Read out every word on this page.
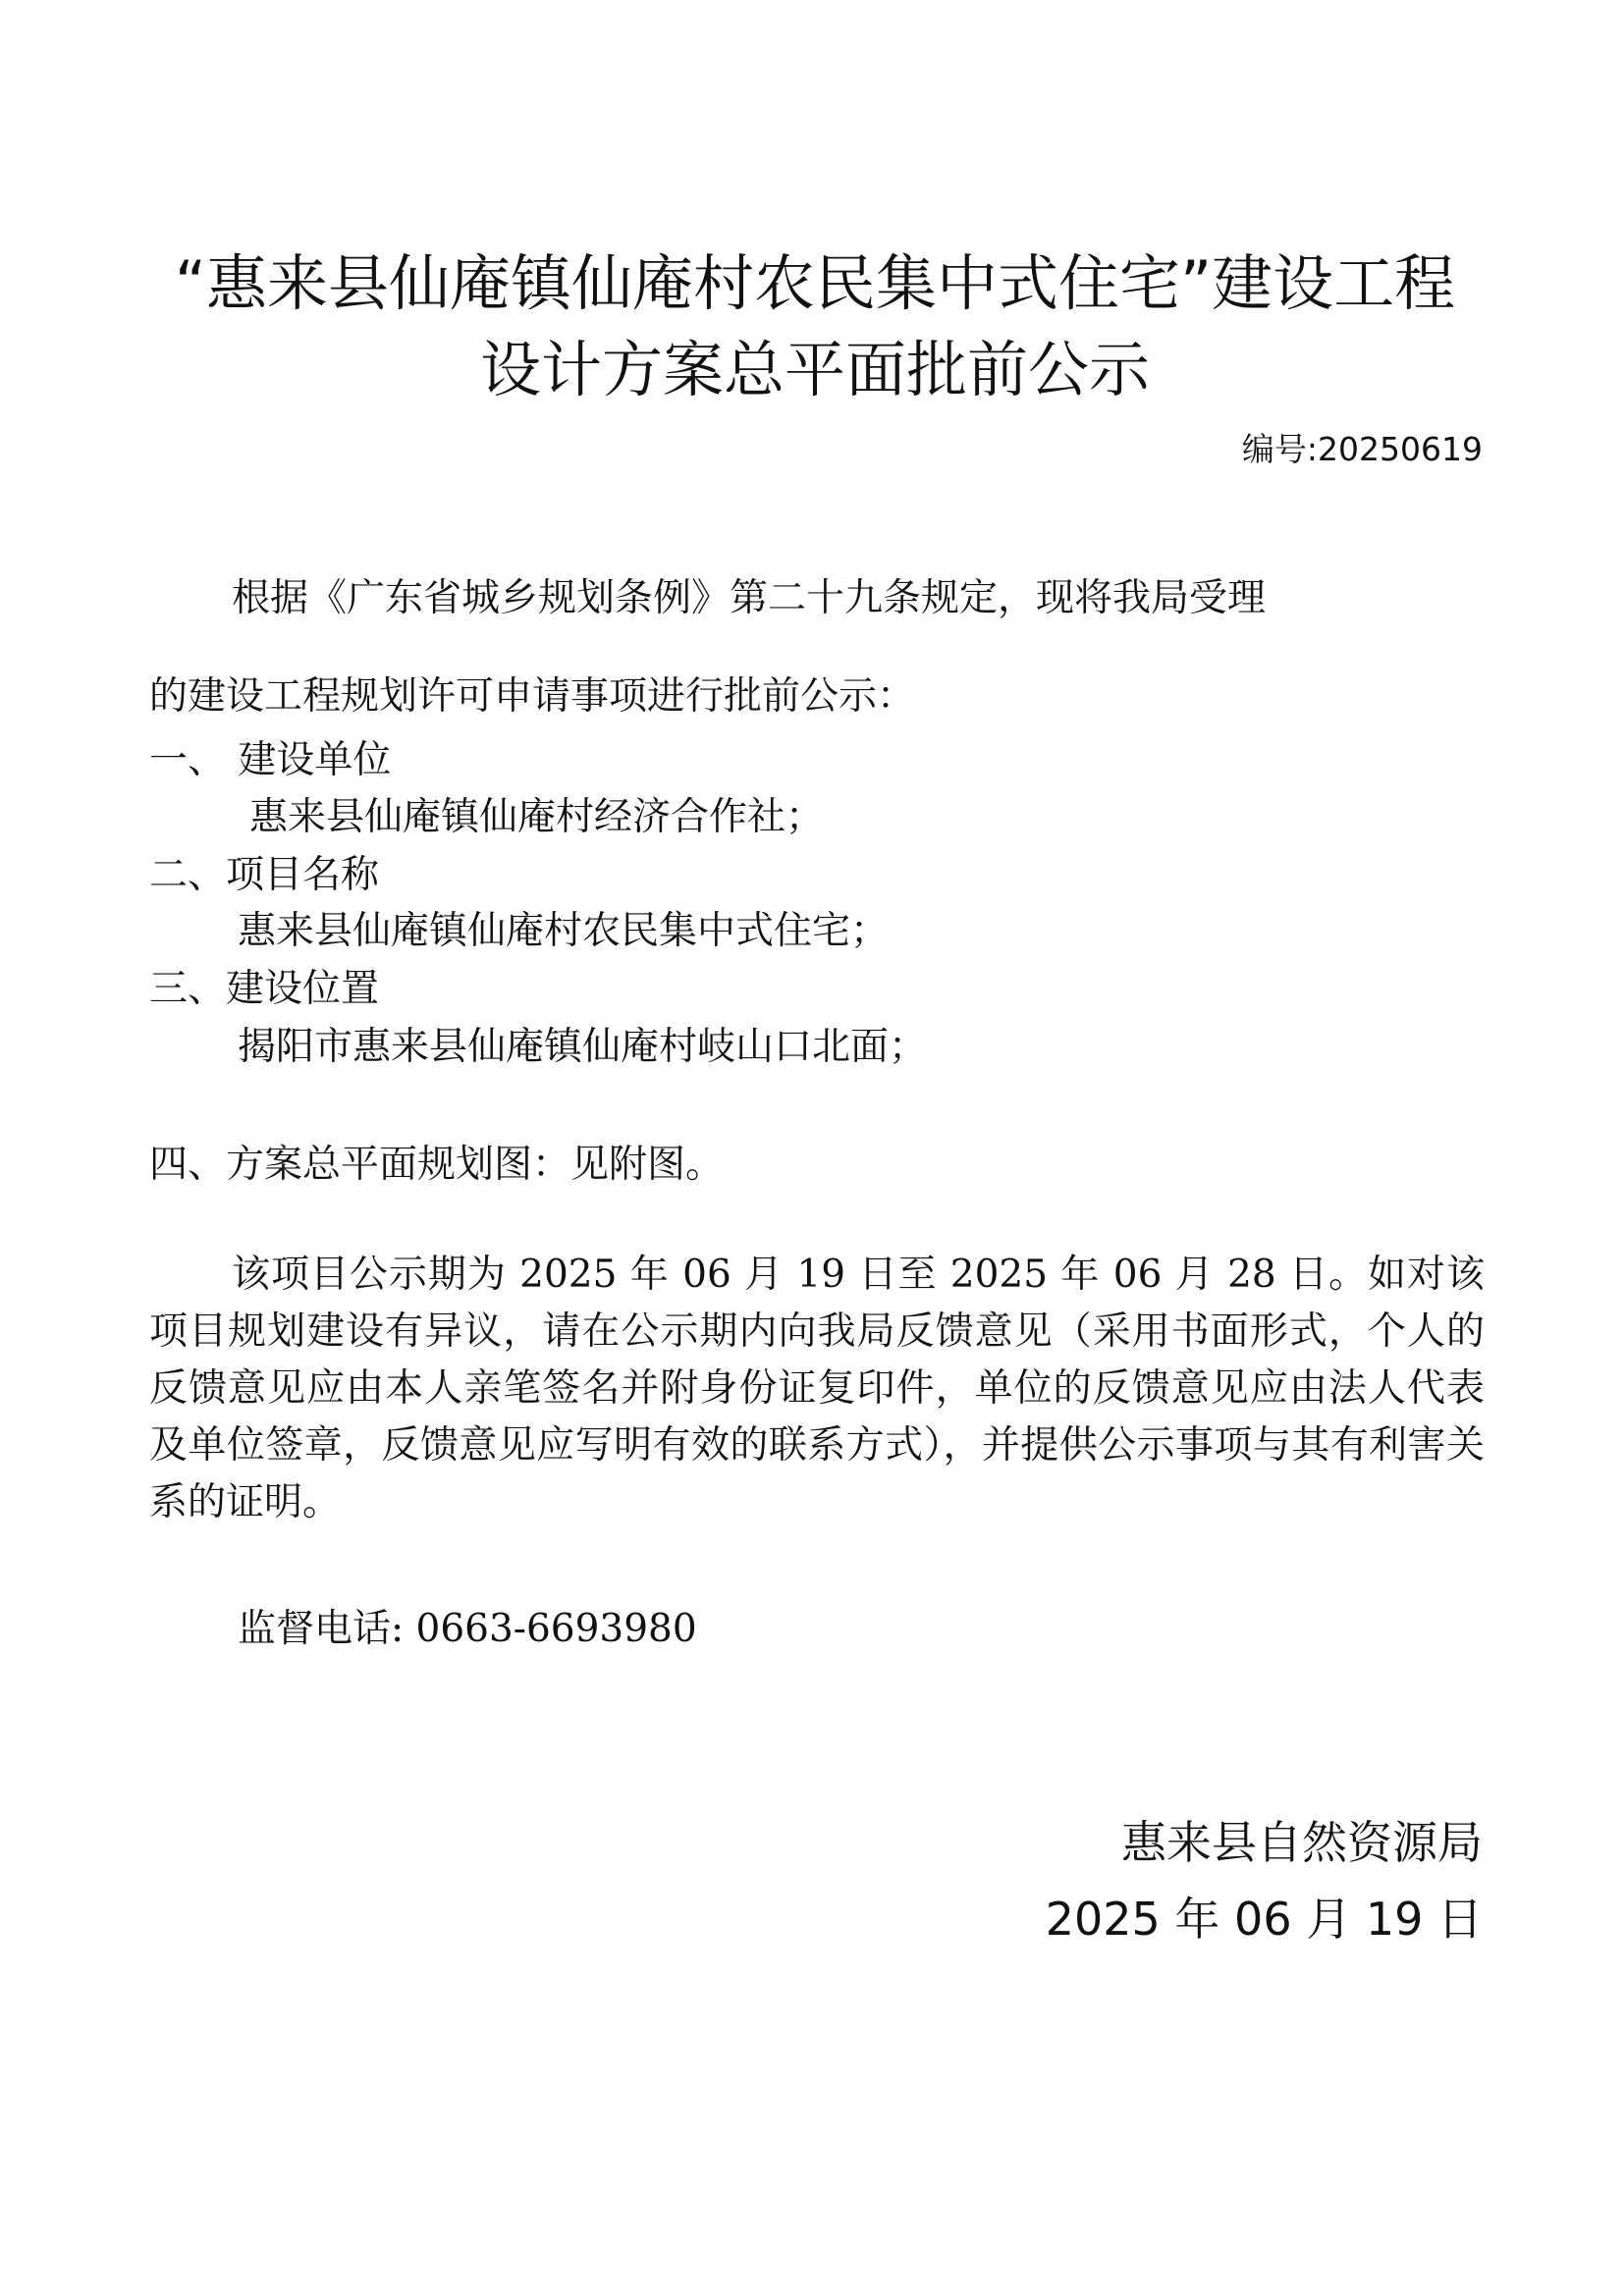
“惠来县仙庵镇仙庵村农民集中式住宅”建设工程
设计方案总平面批前公示
编号:20250619
根据《广东省城乡规划条例》第二十九条规定，现将我局受理
的建设工程规划许可申请事项进行批前公示：
一、 建设单位
惠来县仙庵镇仙庵村经济合作社；
二、项目名称
惠来县仙庵镇仙庵村农民集中式住宅；
三、建设位置
揭阳市惠来县仙庵镇仙庵村岐山口北面；
四、方案总平面规划图：见附图。
该项目公示期为 2025 年 06 月 19 日至 2025 年 06 月 28 日。如对该项目规划建设有异议，请在公示期内向我局反馈意见（采用书面形式，个人的反馈意见应由本人亲笔签名并附身份证复印件，单位的反馈意见应由法人代表及单位签章，反馈意见应写明有效的联系方式），并提供公示事项与其有利害关系的证明。
监督电话: 0663-6693980
惠来县自然资源局
2025 年 06 月 19 日
